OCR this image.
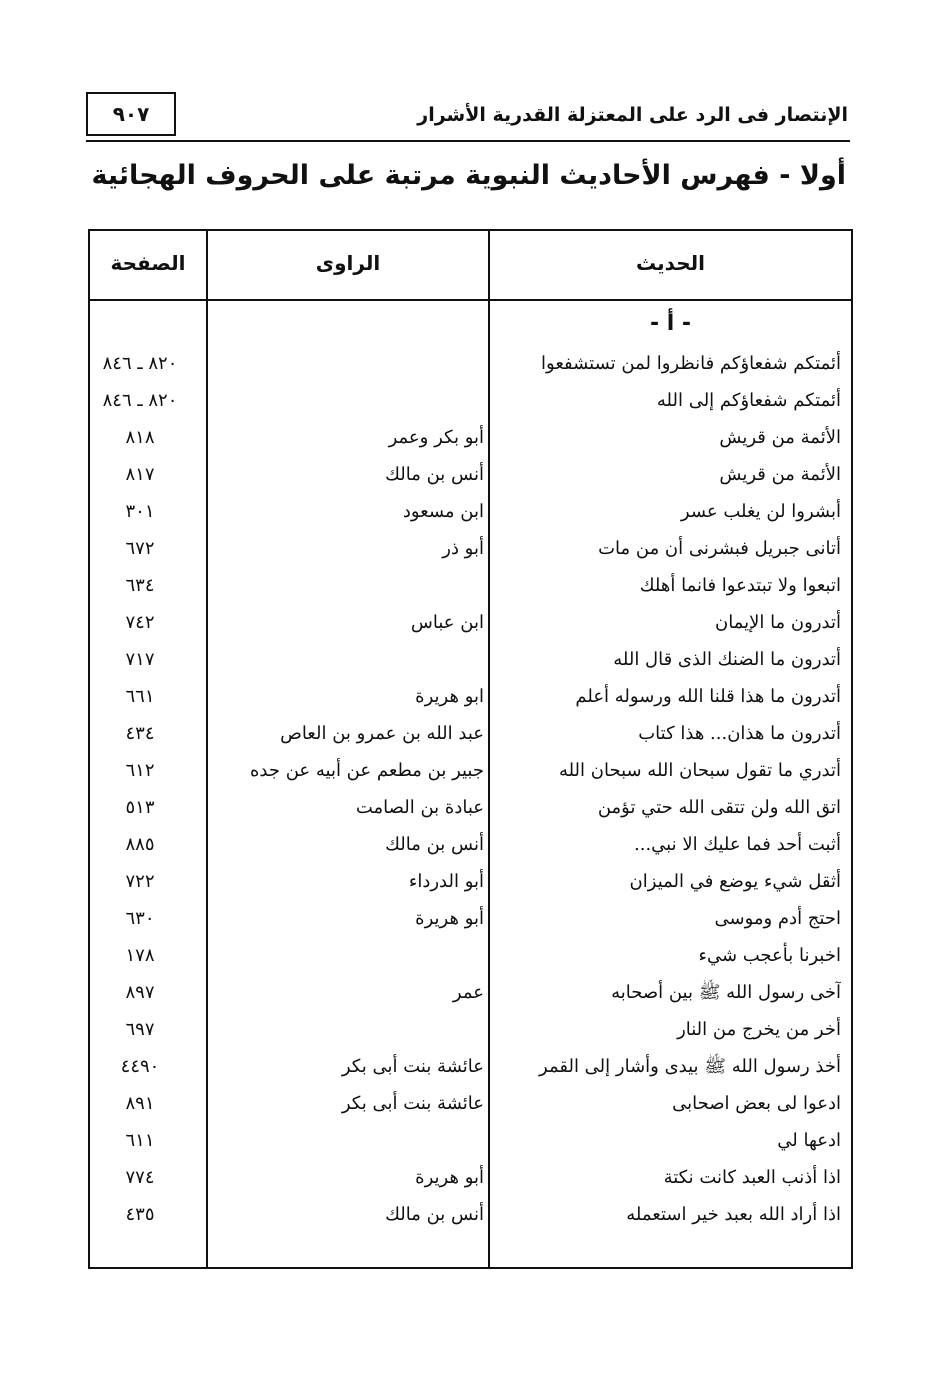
الإنتصار فى الرد على المعتزلة القدرية الأشرار
٩٠٧
أولا - فهرس الأحاديث النبوية مرتبة على الحروف الهجائية
الحديث
الراوى
الصفحة
- أ -
أئمتكم شفعاؤكم فانظروا لمن تستشفعوا
٨٢٠ ـ ٨٤٦
أئمتكم شفعاؤكم إلى الله
٨٢٠ ـ ٨٤٦
الأئمة من قريش
أبو بكر وعمر
٨١٨
الأئمة من قريش
أنس بن مالك
٨١٧
أبشروا لن يغلب عسر
ابن مسعود
٣٠١
أتانى جبريل فبشرنى أن من مات
أبو ذر
٦٧٢
اتبعوا ولا تبتدعوا فانما أهلك
٦٣٤
أتدرون ما الإيمان
ابن عباس
٧٤٢
أتدرون ما الضنك الذى قال الله
٧١٧
أتدرون ما هذا قلنا الله ورسوله أعلم
ابو هريرة
٦٦١
أتدرون ما هذان... هذا كتاب
عبد الله بن عمرو بن العاص
٤٣٤
أتدري ما تقول سبحان الله سبحان الله
جبير بن مطعم عن أبيه عن جده
٦١٢
اتق الله ولن تتقى الله حتي تؤمن
عبادة بن الصامت
٥١٣
أثبت أحد فما عليك الا نبي...
أنس بن مالك
٨٨٥
أثقل شيء يوضع في الميزان
أبو الدرداء
٧٢٢
احتج أدم وموسى
أبو هريرة
٦٣٠
اخبرنا بأعجب شيء
١٧٨
آخى رسول الله ﷺ بين أصحابه
عمر
٨٩٧
أخر من يخرج من النار
٦٩٧
أخذ رسول الله ﷺ بيدى وأشار إلى القمر
عائشة بنت أبى بكر
٤٤٩٠
ادعوا لى بعض اصحابى
عائشة بنت أبى بكر
٨٩١
ادعها لي
٦١١
اذا أذنب العبد كانت نكتة
أبو هريرة
٧٧٤
اذا أراد الله بعبد خير استعمله
أنس بن مالك
٤٣٥
